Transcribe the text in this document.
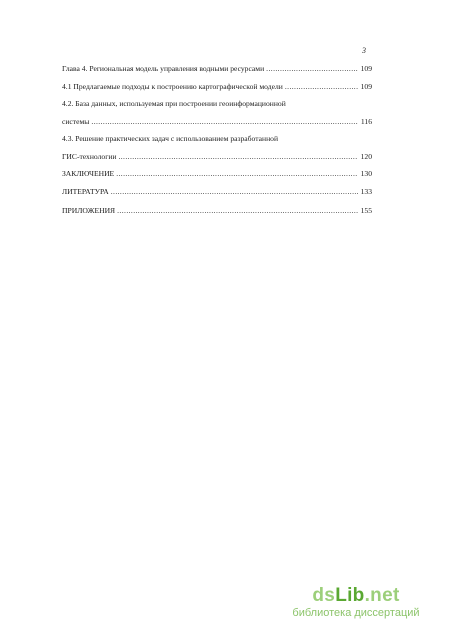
3
Глава 4. Региональная модель управления водными ресурсами .....	109
4.1 Предлагаемые подходы к построению картографической модели .....	109
4.2. База данных, используемая при построении геоинформационной
системы .....	116
4.3. Решение практических задач с использованием разработанной
ГИС-технологии .....	120
ЗАКЛЮЧЕНИЕ .....	130
ЛИТЕРАТУРА .....	133
ПРИЛОЖЕНИЯ .....	155
dsLib.net
библиотека диссертаций
